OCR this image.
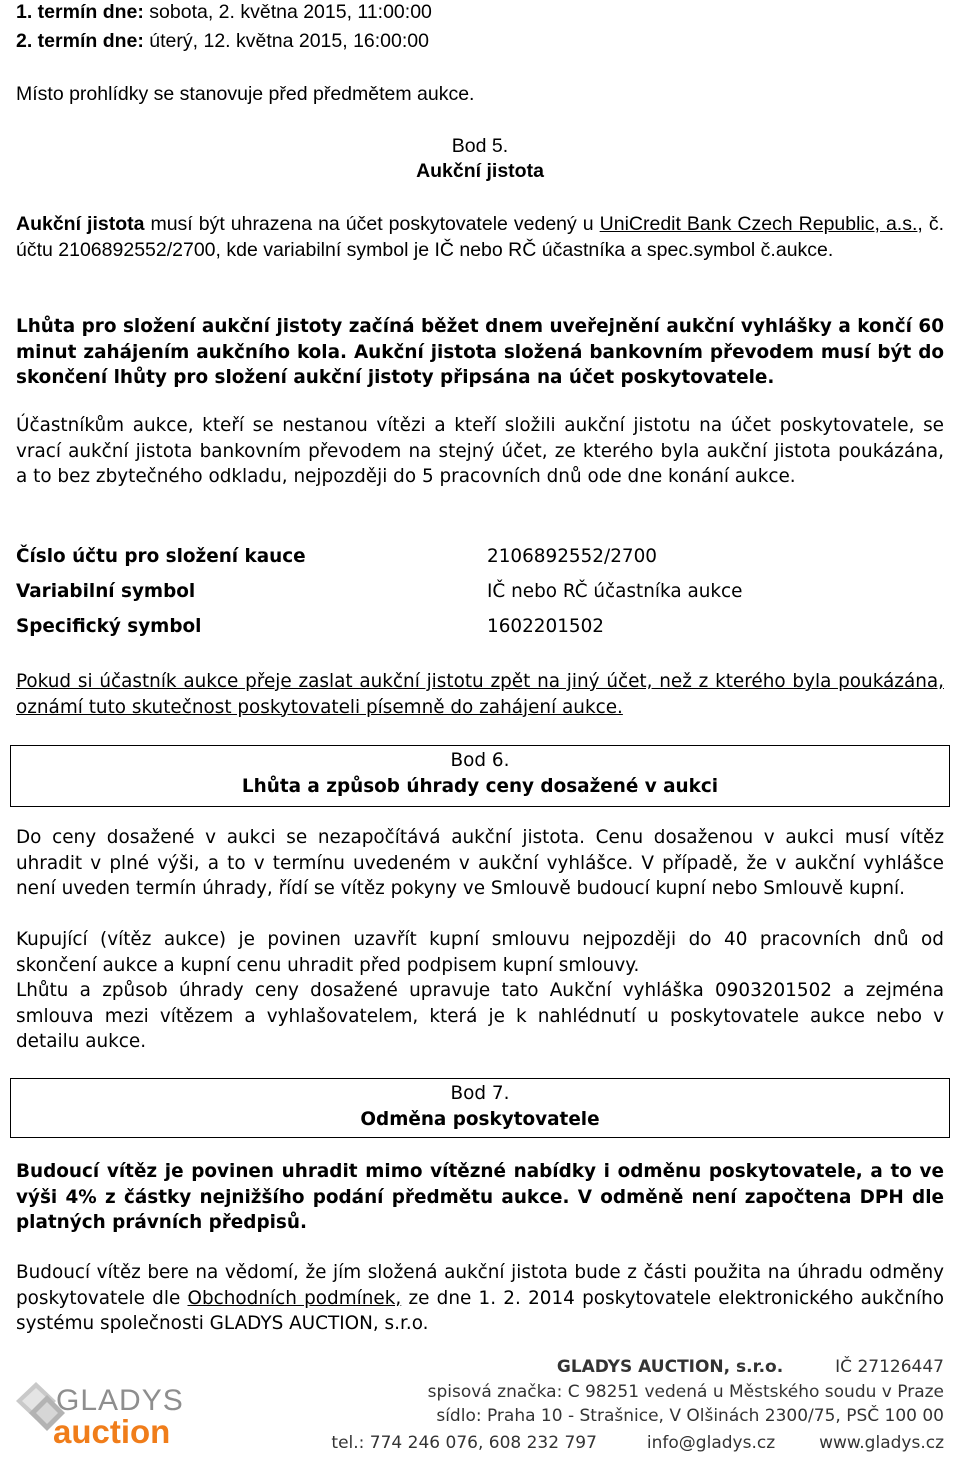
1. termín dne: sobota, 2. května 2015, 11:00:00
2. termín dne: úterý, 12. května 2015, 16:00:00
Místo prohlídky se stanovuje před předmětem aukce.
Bod 5.
Aukční jistota

Aukční jistota musí být uhrazena na účet poskytovatele vedený u UniCredit Bank Czech Republic, a.s., č. účtu 2106892552/2700, kde variabilní symbol je IČ nebo RČ účastníka a spec.symbol č.aukce.

Lhůta pro složení aukční jistoty začíná běžet dnem uveřejnění aukční vyhlášky a končí 60 minut zahájením aukčního kola. Aukční jistota složená bankovním převodem musí být do skončení lhůty pro složení aukční jistoty připsána na účet poskytovatele.

Účastníkům aukce, kteří se nestanou vítězi a kteří složili aukční jistotu na účet poskytovatele, se vrací aukční jistota bankovním převodem na stejný účet, ze kterého byla aukční jistota poukázána, a to bez zbytečného odkladu, nejpozději do 5 pracovních dnů ode dne konání aukce.

Číslo účtu pro složení kauce	2106892552/2700
Variabilní symbol	IČ nebo RČ účastníka aukce
Specifický symbol	1602201502

Pokud si účastník aukce přeje zaslat aukční jistotu zpět na jiný účet, než z kterého byla poukázána, oznámí tuto skutečnost poskytovateli písemně do zahájení aukce.

Bod 6.
Lhůta a způsob úhrady ceny dosažené v aukci

Do ceny dosažené v aukci se nezapočítává aukční jistota. Cenu dosaženou v aukci musí vítěz uhradit v plné výši, a to v termínu uvedeném v aukční vyhlášce. V případě, že v aukční vyhlášce není uveden termín úhrady, řídí se vítěz pokyny ve Smlouvě budoucí kupní nebo Smlouvě kupní.

Kupující (vítěz aukce) je povinen uzavřít kupní smlouvu nejpozději do 40 pracovních dnů od skončení aukce a kupní cenu uhradit před podpisem kupní smlouvy.

Lhůtu a způsob úhrady ceny dosažené upravuje tato Aukční vyhláška 0903201502 a zejména smlouva mezi vítězem a vyhlašovatelem, která je k nahlédnutí u poskytovatele aukce nebo v detailu aukce.

Bod 7.
Odměna poskytovatele

Budoucí vítěz je povinen uhradit mimo vítězné nabídky i odměnu poskytovatele, a to ve výši 4% z částky nejnižšího podání předmětu aukce. V odměně není započtena DPH dle platných právních předpisů.

Budoucí vítěz bere na vědomí, že jím složená aukční jistota bude z části použita na úhradu odměny poskytovatele dle Obchodních podmínek, ze dne 1. 2. 2014 poskytovatele elektronického aukčního systému společnosti GLADYS AUCTION, s.r.o.

GLADYS
auction
GLADYS AUCTION, s.r.o.	IČ 27126447
spisová značka: C 98251 vedená u Městského soudu v Praze
sídlo: Praha 10 - Strašnice, V Olšinách 2300/75, PSČ 100 00
tel.: 774 246 076, 608 232 797	info@gladys.cz	www.gladys.cz
